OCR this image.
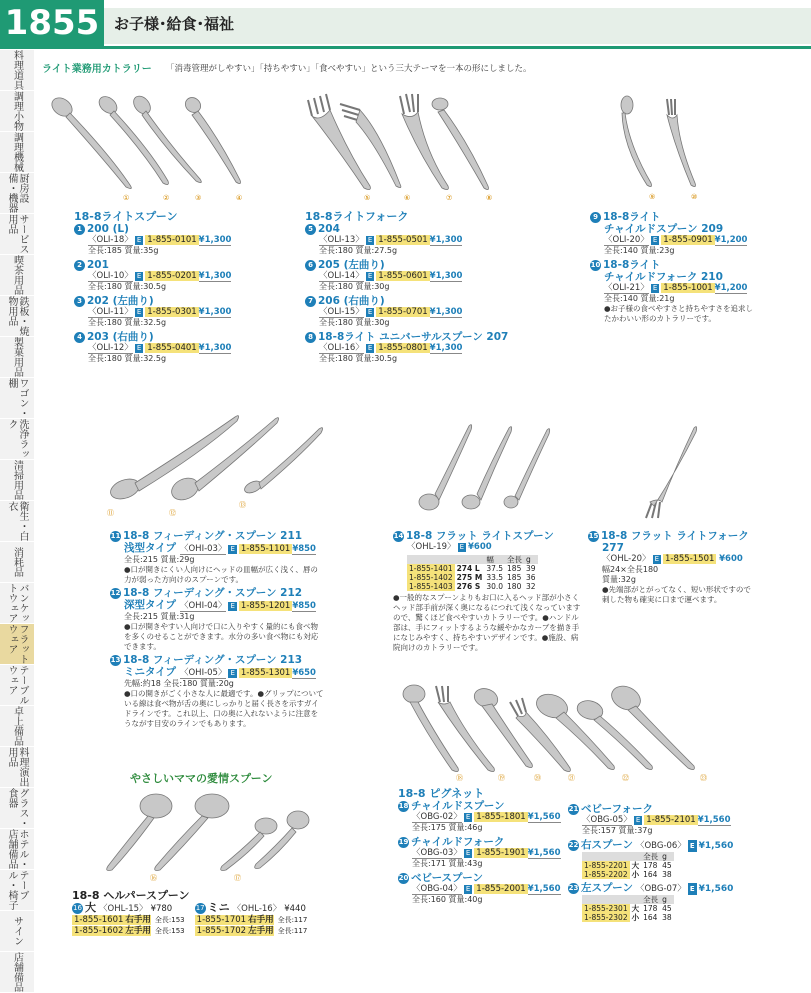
1855 お子様･給食･福祉
料理道具
調理小物
調理機械
厨房設備・機器
サービス用品
喫茶用品
鉄板・焼物用品
製菓用品
ワゴン・棚
洗浄ラック
清掃用品
衛生・白衣
消耗品
バンケットウェア
フラットウェア
テーブルウェア
卓上備品
料理演出用品
グラス・食器
ホテル・店舗備品
テーブル・椅子
サイン
店舗備品
ライト業務用カトラリー 「消毒管理がしやすい」「持ちやすい」「食べやすい」という三大テーマを一本の形にしました。
①	②	③	④	⑤	⑥	⑦	⑧	⑨	⑩
18-8ライトスプーン
1 200 (L)
〈OLI-18〉 E 1-855-0101 ¥1,300
全長:185 質量:35g
2 201
〈OLI-10〉 E 1-855-0201 ¥1,300
全長:180 質量:30.5g
3 202 (左曲り)
〈OLI-11〉 E 1-855-0301 ¥1,300
全長:180 質量:32.5g
4 203 (右曲り)
〈OLI-12〉 E 1-855-0401 ¥1,300
全長:180 質量:32.5g
18-8ライトフォーク
5 204
〈OLI-13〉 E 1-855-0501 ¥1,300
全長:180 質量:27.5g
6 205 (左曲り)
〈OLI-14〉 E 1-855-0601 ¥1,300
全長:180 質量:30g
7 206 (右曲り)
〈OLI-15〉 E 1-855-0701 ¥1,300
全長:180 質量:30g
8 18-8ライト ユニバーサルスプーン 207
〈OLI-16〉 E 1-855-0801 ¥1,300
全長:180 質量:30.5g
9 18-8ライト
チャイルドスプーン 209
〈OLI-20〉 E 1-855-0901 ¥1,200
全長:140 質量:23g
10 18-8ライト
チャイルドフォーク 210
〈OLI-21〉 E 1-855-1001 ¥1,200
全長:140 質量:21g
●お子様の食べやすさと持ちやすさを追求したかわいい形のカトラリーです。
⑪	⑫
⑬
11 18-8 フィーディング・スプーン 211
浅型タイプ 〈OHI-03〉 E 1-855-1101 ¥850
全長:215 質量:29g
●口が開きにくい人向けにヘッドの皿幅が広く浅く、唇の力が弱った方向けのスプーンです。
12 18-8 フィーディング・スプーン 212
深型タイプ 〈OHI-04〉 E 1-855-1201 ¥850
全長:215 質量:31g
●口が開きやすい人向けで口に入りやすく量的にも食べ物を多くのせることができます。水分の多い食べ物にも対応できます。
13 18-8 フィーディング・スプーン 213
ミニタイプ 〈OHI-05〉 E 1-855-1301 ¥650
先幅:約18 全長:180 質量:20g
●口の開きがごく小さな人に最適です。●グリップについている線は食べ物が舌の奥にしっかりと届く長さを示すガイドラインです。これ以上、口の奥に入れないように注意をうながす目安のラインでもあります。
14 18-8 フラット ライトスプーン
〈OHL-19〉 E ¥600
		幅	全長	g
1-855-1401	274 L	37.5	185	39
1-855-1402	275 M	33.5	185	36
1-855-1403	276 S	30.0	180	32
●一般的なスプーンよりもお口に入るヘッド部が小さくヘッド部手前が深く奥になるにつれて浅くなっていますので、驚くほど食べやすいカトラリーです。●ハンドル部は、手にフィットするような緩やかなカーブを描き手になじみやすく、持ちやすいデザインです。●施設、病院向けのカトラリーです。
15 18-8 フラット ライトフォーク
277
〈OHL-20〉 E 1-855-1501 ¥600
幅24×全長180
質量:32g
●先端部がとがってなく、短い形状ですので刺した物も確実に口まで運べます。
⑱	⑲	⑳	㉑	㉒	㉓
やさしいママの愛情スプーン
⑯	⑰
18-8 ヘルパースプーン
16 大 〈OHL-15〉 ¥780
1-855-1601 右手用 全長:153
1-855-1602 左手用 全長:153
17 ミニ 〈OHL-16〉 ¥440
1-855-1701 右手用 全長:117
1-855-1702 左手用 全長:117
18-8 ピグネット
18 チャイルドスプーン
〈OBG-02〉 E 1-855-1801 ¥1,560
全長:175 質量:46g
19 チャイルドフォーク
〈OBG-03〉 E 1-855-1901 ¥1,560
全長:171 質量:43g
20 ベビースプーン
〈OBG-04〉 E 1-855-2001 ¥1,560
全長:160 質量:40g
21 ベビーフォーク
〈OBG-05〉 E 1-855-2101 ¥1,560
全長:157 質量:37g
22 右スプーン 〈OBG-06〉 E ¥1,560
		全長	g
1-855-2201	大	178	45
1-855-2202	小	164	38
23 左スプーン 〈OBG-07〉 E ¥1,560
		全長	g
1-855-2301	大	178	45
1-855-2302	小	164	38
